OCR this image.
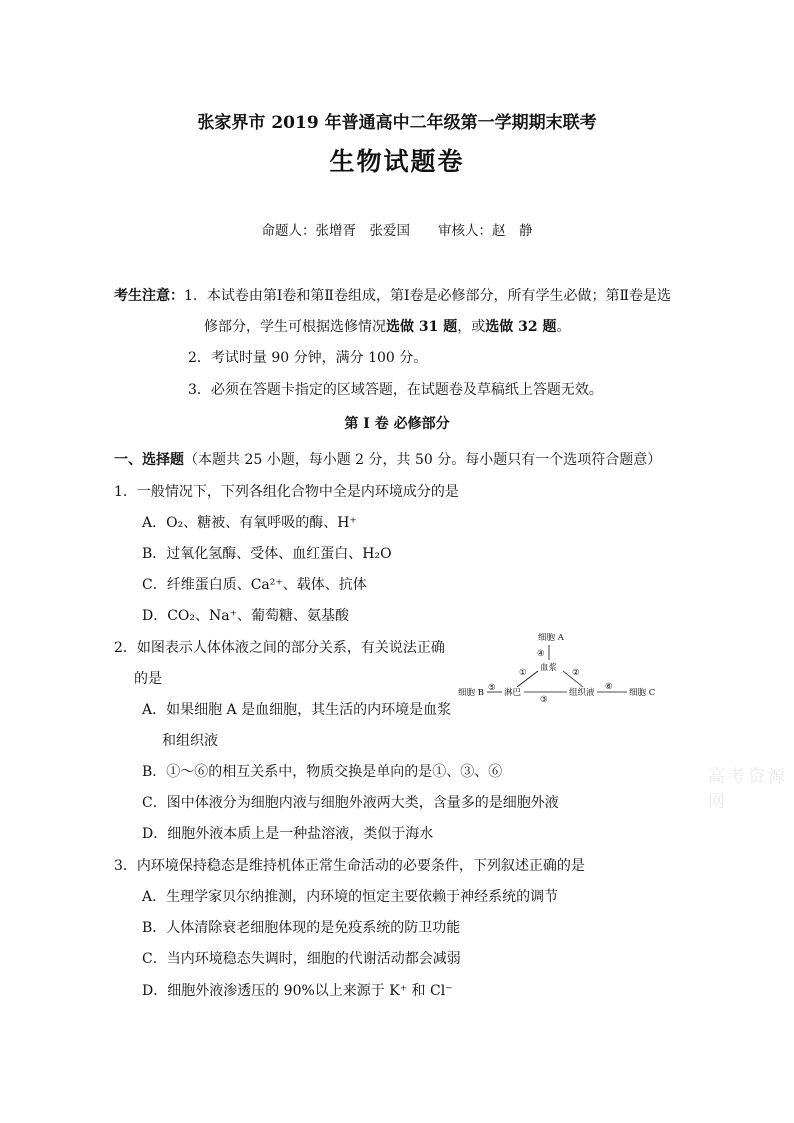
张家界市 2019 年普通高中二年级第一学期期末联考
生物试题卷
命题人：张增胥　张爱国 审核人：赵　静
考生注意：1．本试卷由第Ⅰ卷和第Ⅱ卷组成，第Ⅰ卷是必修部分，所有学生必做；第Ⅱ卷是选
修部分，学生可根据选修情况选做 31 题，或选做 32 题。
2．考试时量 90 分钟，满分 100 分。
3．必须在答题卡指定的区域答题，在试题卷及草稿纸上答题无效。
第 Ⅰ 卷 必修部分
一、选择题（本题共 25 小题，每小题 2 分，共 50 分。每小题只有一个选项符合题意）
1．一般情况下，下列各组化合物中全是内环境成分的是
A．O₂、糖被、有氧呼吸的酶、H⁺
B．过氧化氢酶、受体、血红蛋白、H₂O
C．纤维蛋白质、Ca²⁺、载体、抗体
D．CO₂、Na⁺、葡萄糖、氨基酸
2．如图表示人体体液之间的部分关系，有关说法正确
的是
A．如果细胞 A 是血细胞，其生活的内环境是血浆
和组织液
B．①～⑥的相互关系中，物质交换是单向的是①、③、⑥
C．图中体液分为细胞内液与细胞外液两大类，含量多的是细胞外液
D．细胞外液本质上是一种盐溶液，类似于海水
细胞 A
④
血浆
①	②
细胞 B ⑤ 淋巴
③
组织液
⑥
细胞 C
高考资源网
3．内环境保持稳态是维持机体正常生命活动的必要条件，下列叙述正确的是
A．生理学家贝尔纳推测，内环境的恒定主要依赖于神经系统的调节
B．人体清除衰老细胞体现的是免疫系统的防卫功能
C．当内环境稳态失调时，细胞的代谢活动都会减弱
D．细胞外液渗透压的 90%以上来源于 K⁺ 和 Cl⁻
